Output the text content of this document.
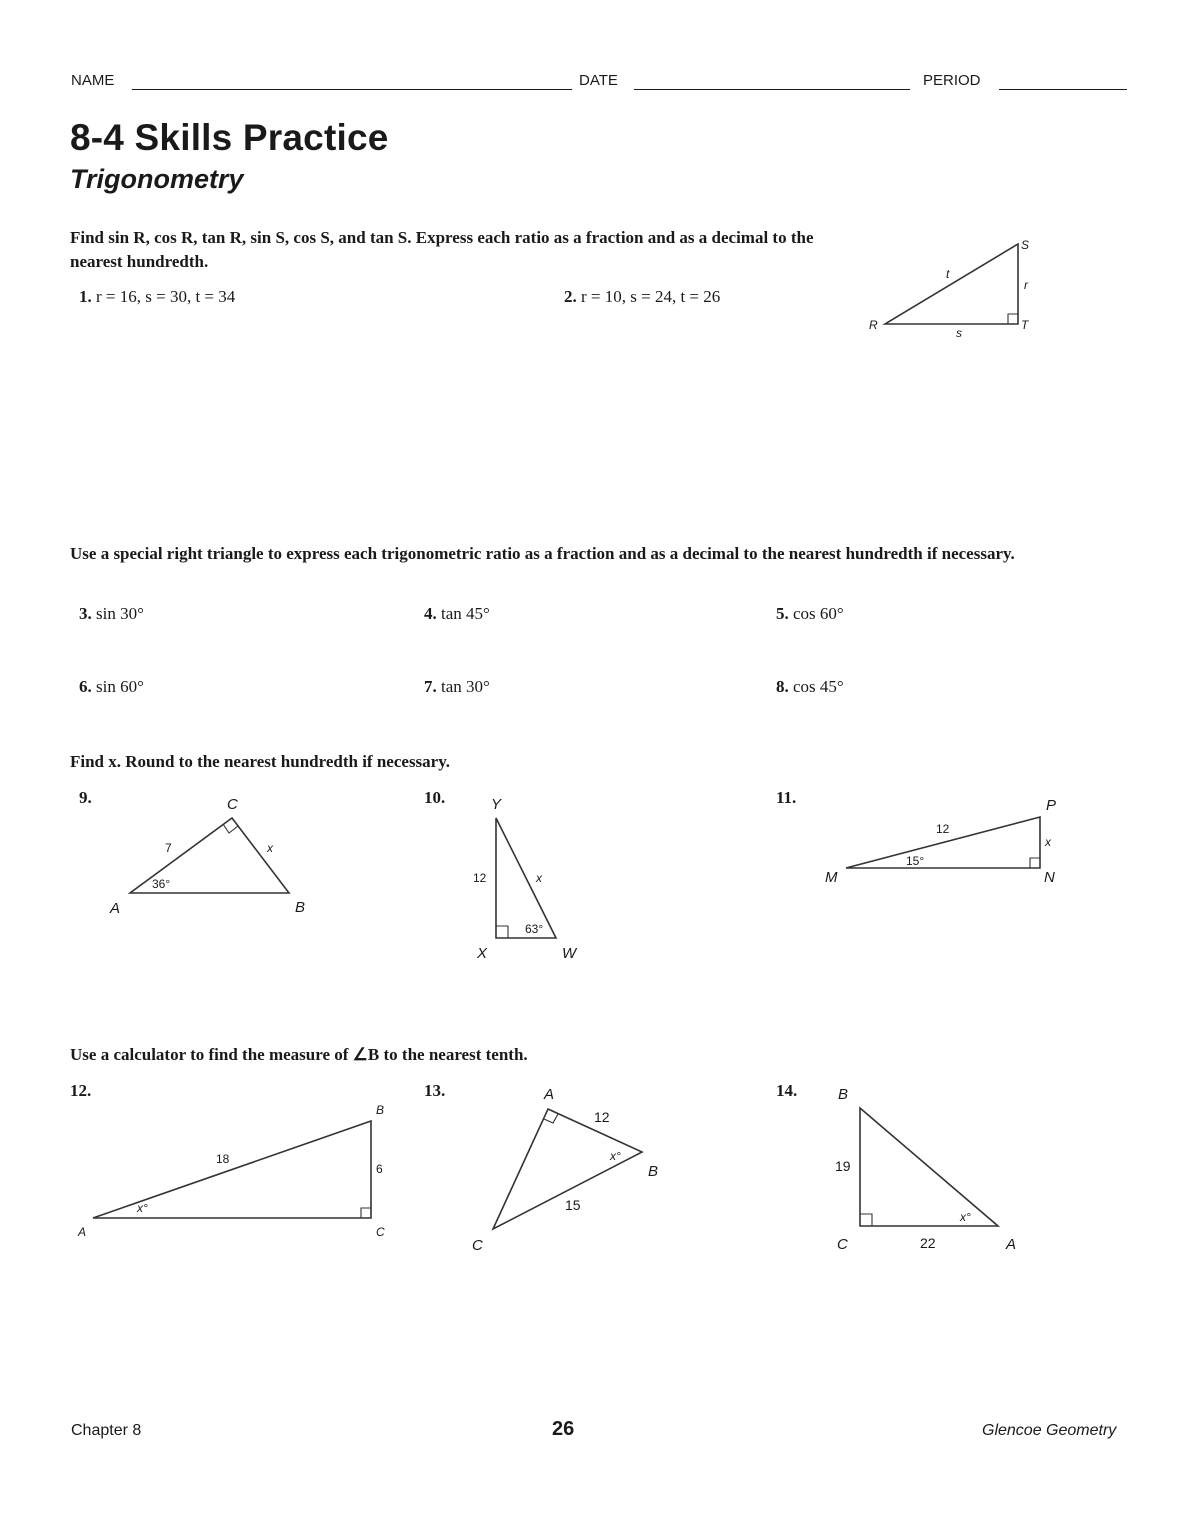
NAME	DATE	PERIOD
8-4 Skills Practice
Trigonometry
Find sin R, cos R, tan R, sin S, cos S, and tan S. Express each ratio as a fraction and as a decimal to the nearest hundredth.
1. r = 16, s = 30, t = 34	2. r = 10, s = 24, t = 26
R
S
T
t
r
s
Use a special right triangle to express each trigonometric ratio as a fraction and as a decimal to the nearest hundredth if necessary.
3. sin 30°	4. tan 45°	5. cos 60°
6. sin 60°	7. tan 30°	8. cos 45°
Find x. Round to the nearest hundredth if necessary.
9.	C
A	B
7	x
36°
10.	Y
X	W
12	x
63°
11.	P
M	N
12
x
15°
Use a calculator to find the measure of ∠B to the nearest tenth.
12.
B
A	C
18
6
x°
13.	A
B
C
12
15
x°
14.	B
C	A
19
22
x°
Chapter 8	26	Glencoe Geometry
